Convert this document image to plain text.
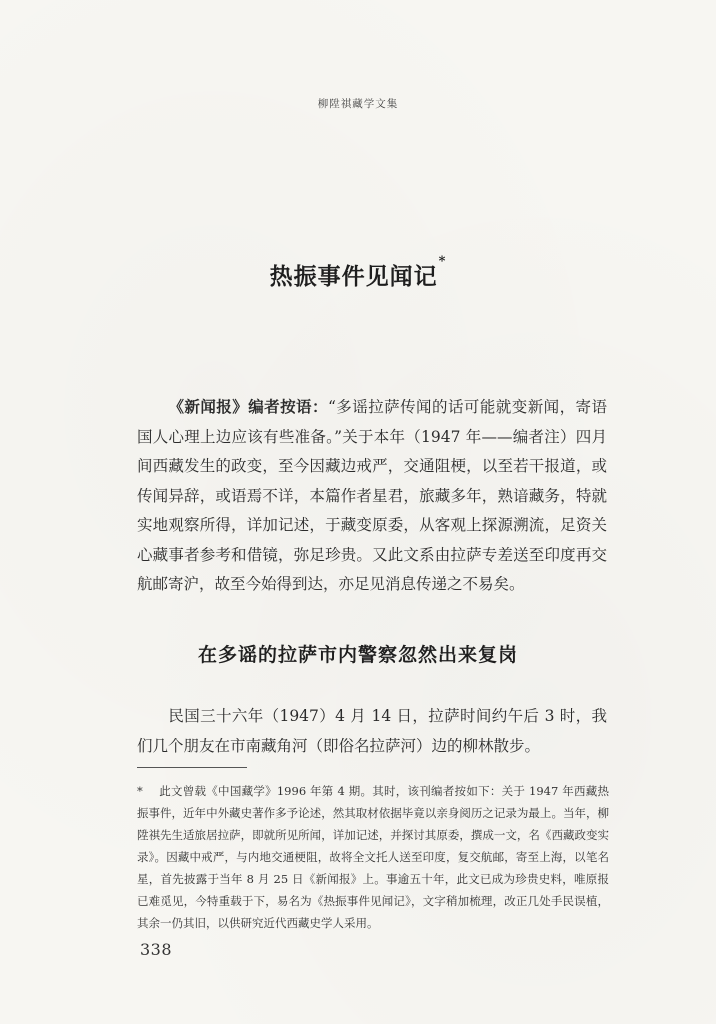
柳陞祺藏学文集
热振事件见闻记*
《新闻报》编者按语：“多谣拉萨传闻的话可能就变新闻，寄语国人心理上边应该有些准备。”关于本年（1947 年——编者注）四月间西藏发生的政变，至今因藏边戒严，交通阻梗，以至若干报道，或传闻异辞，或语焉不详，本篇作者星君，旅藏多年，熟谙藏务，特就实地观察所得，详加记述，于藏变原委，从客观上探源溯流，足资关心藏事者参考和借镜，弥足珍贵。又此文系由拉萨专差送至印度再交航邮寄沪，故至今始得到达，亦足见消息传递之不易矣。
在多谣的拉萨市内警察忽然出来复岗
民国三十六年（1947）4 月 14 日，拉萨时间约午后 3 时，我们几个朋友在市南藏角河（即俗名拉萨河）边的柳林散步。
* 此文曾载《中国藏学》1996 年第 4 期。其时，该刊编者按如下：关于 1947 年西藏热振事件，近年中外藏史著作多予论述，然其取材依据毕竟以亲身阅历之记录为最上。当年，柳陞祺先生适旅居拉萨，即就所见所闻，详加记述，并探讨其原委，撰成一文，名《西藏政变实录》。因藏中戒严，与内地交通梗阻，故将全文托人送至印度，复交航邮，寄至上海，以笔名星，首先披露于当年 8 月 25 日《新闻报》上。事逾五十年，此文已成为珍贵史料，唯原报已难觅见，今特重载于下，易名为《热振事件见闻记》，文字稍加梳理，改正几处手民误植，其余一仍其旧，以供研究近代西藏史学人采用。
338
